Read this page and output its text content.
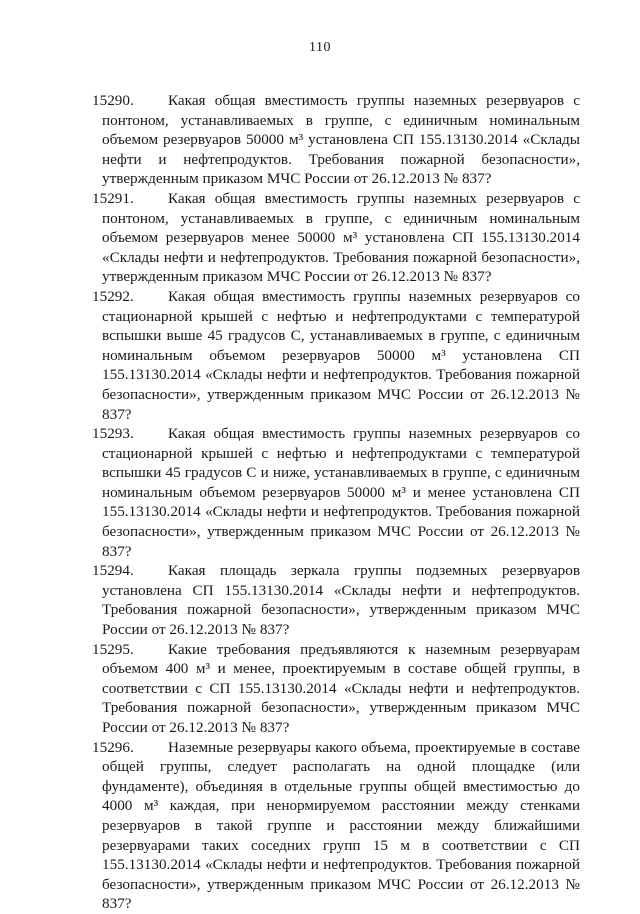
110
15290.	Какая общая вместимость группы наземных резервуаров с понтоном, устанавливаемых в группе, с единичным номинальным объемом резервуаров 50000 м³ установлена СП 155.13130.2014 «Склады нефти и нефтепродуктов. Требования пожарной безопасности», утвержденным приказом МЧС России от 26.12.2013 № 837?
15291.	Какая общая вместимость группы наземных резервуаров с понтоном, устанавливаемых в группе, с единичным номинальным объемом резервуаров менее 50000 м³ установлена СП 155.13130.2014 «Склады нефти и нефтепродуктов. Требования пожарной безопасности», утвержденным приказом МЧС России от 26.12.2013 № 837?
15292.	Какая общая вместимость группы наземных резервуаров со стационарной крышей с нефтью и нефтепродуктами с температурой вспышки выше 45 градусов С, устанавливаемых в группе, с единичным номинальным объемом резервуаров 50000 м³ установлена СП 155.13130.2014 «Склады нефти и нефтепродуктов. Требования пожарной безопасности», утвержденным приказом МЧС России от 26.12.2013 № 837?
15293.	Какая общая вместимость группы наземных резервуаров со стационарной крышей с нефтью и нефтепродуктами с температурой вспышки 45 градусов С и ниже, устанавливаемых в группе, с единичным номинальным объемом резервуаров 50000 м³ и менее установлена СП 155.13130.2014 «Склады нефти и нефтепродуктов. Требования пожарной безопасности», утвержденным приказом МЧС России от 26.12.2013 № 837?
15294.	Какая площадь зеркала группы подземных резервуаров установлена СП 155.13130.2014 «Склады нефти и нефтепродуктов. Требования пожарной безопасности», утвержденным приказом МЧС России от 26.12.2013 № 837?
15295.	Какие требования предъявляются к наземным резервуарам объемом 400 м³ и менее, проектируемым в составе общей группы, в соответствии с СП 155.13130.2014 «Склады нефти и нефтепродуктов. Требования пожарной безопасности», утвержденным приказом МЧС России от 26.12.2013 № 837?
15296.	Наземные резервуары какого объема, проектируемые в составе общей группы, следует располагать на одной площадке (или фундаменте), объединяя в отдельные группы общей вместимостью до 4000 м³ каждая, при ненормируемом расстоянии между стенками резервуаров в такой группе и расстоянии между ближайшими резервуарами таких соседних групп 15 м в соответствии с СП 155.13130.2014 «Склады нефти и нефтепродуктов. Требования пожарной безопасности», утвержденным приказом МЧС России от 26.12.2013 № 837?
